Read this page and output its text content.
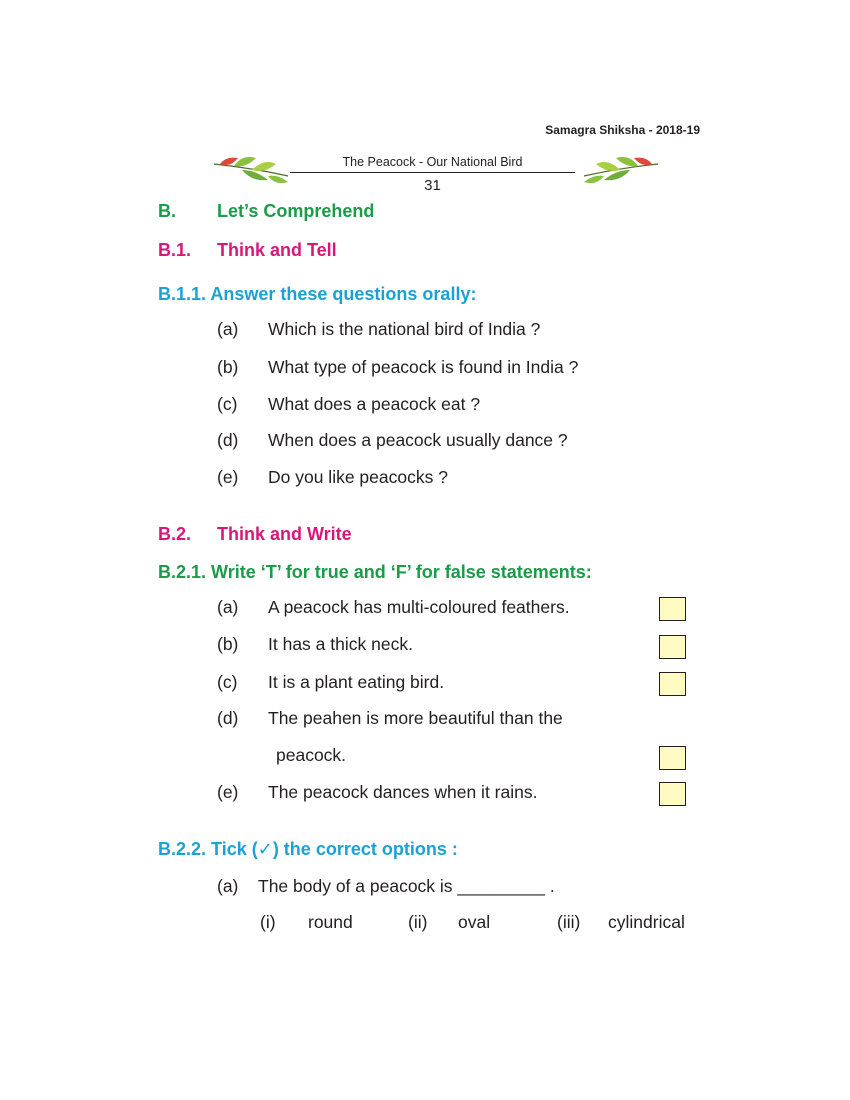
Samagra Shiksha - 2018-19
The Peacock - Our National Bird
31
B. Let’s Comprehend
B.1. Think and Tell
B.1.1. Answer these questions orally:
(a) Which is the national bird of India ?
(b) What type of peacock is found in India ?
(c) What does a peacock eat ?
(d) When does a peacock usually dance ?
(e) Do you like peacocks ?
B.2. Think and Write
B.2.1. Write ‘T’ for true and ‘F’ for false statements:
(a) A peacock has multi-coloured feathers.
(b) It has a thick neck.
(c) It is a plant eating bird.
(d) The peahen is more beautiful than the
peacock.
(e) The peacock dances when it rains.
B.2.2. Tick (✓) the correct options :
(a) The body of a peacock is _________ .
(i) round	(ii) oval	(iii) cylindrical
